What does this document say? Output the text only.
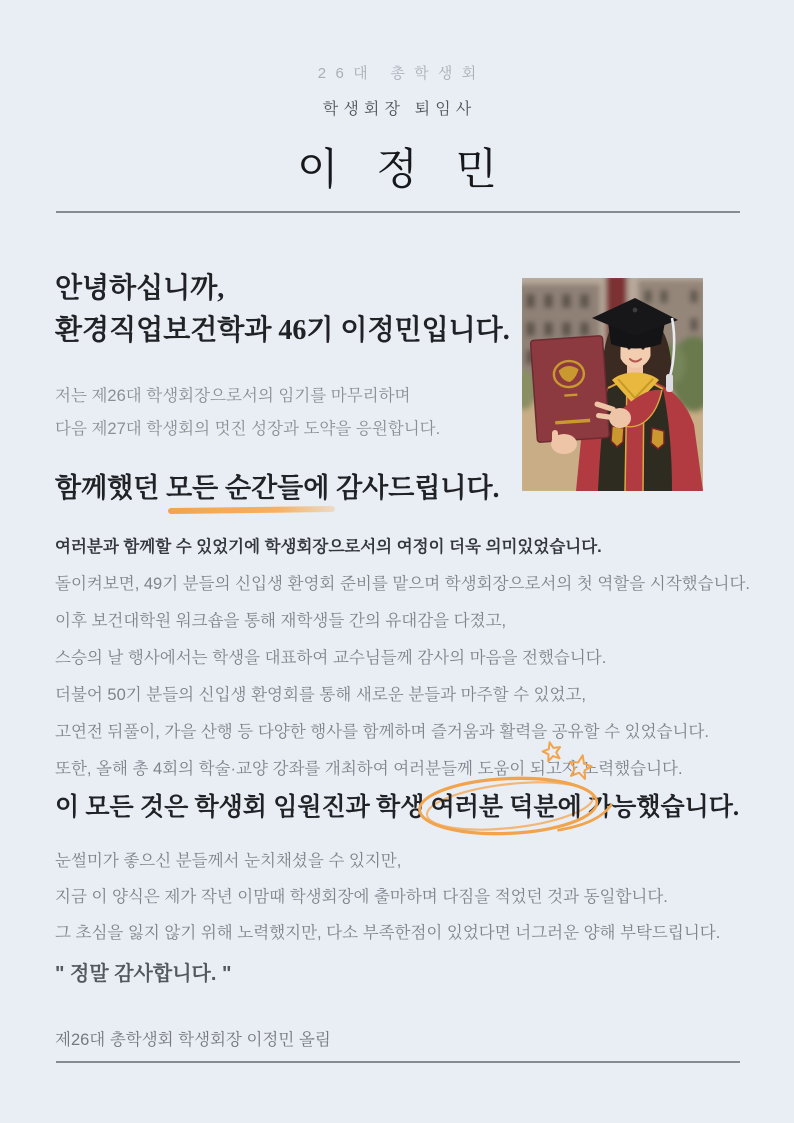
26대 총학생회
학생회장 퇴임사
이 정 민
안녕하십니까,
환경직업보건학과 46기 이정민입니다.
저는 제26대 학생회장으로서의 임기를 마무리하며
다음 제27대 학생회의 멋진 성장과 도약을 응원합니다.
함께했던 모든 순간들에
감사드립니다.

여러분과 함께할 수 있었기에 학생회장으로서의 여정이 더욱 의미있었습니다.

돌이켜보면, 49기 분들의 신입생 환영회 준비를 맡으며 학생회장으로서의 첫 역할을 시작했습니다.

이후 보건대학원 워크숍을 통해 재학생들 간의 유대감을 다졌고,

스승의 날 행사에서는 학생을 대표하여 교수님들께 감사의 마음을 전했습니다.

더불어 50기 분들의 신입생 환영회를 통해 새로운 분들과 마주할 수 있었고,

고연전 뒤풀이, 가을 산행 등 다양한 행사를 함께하며 즐거움과 활력을 공유할 수 있었습니다.

또한, 올해 총 4회의 학술·교양 강좌를 개최하여 여러분들께 도움이 되고자 노력했습니다.

이 모든 것은 학생회 임원진과 학생
여러분 덕분에 가능했습니다.

눈썰미가 좋으신 분들께서 눈치채셨을 수 있지만,

지금 이 양식은 제가 작년 이맘때 학생회장에 출마하며 다짐을 적었던 것과 동일합니다.

그 초심을 잃지 않기 위해 노력했지만, 다소 부족한점이 있었다면 너그러운 양해 부탁드립니다.

" 정말 감사합니다. "
제26대 총학생회 학생회장 이정민 올림
